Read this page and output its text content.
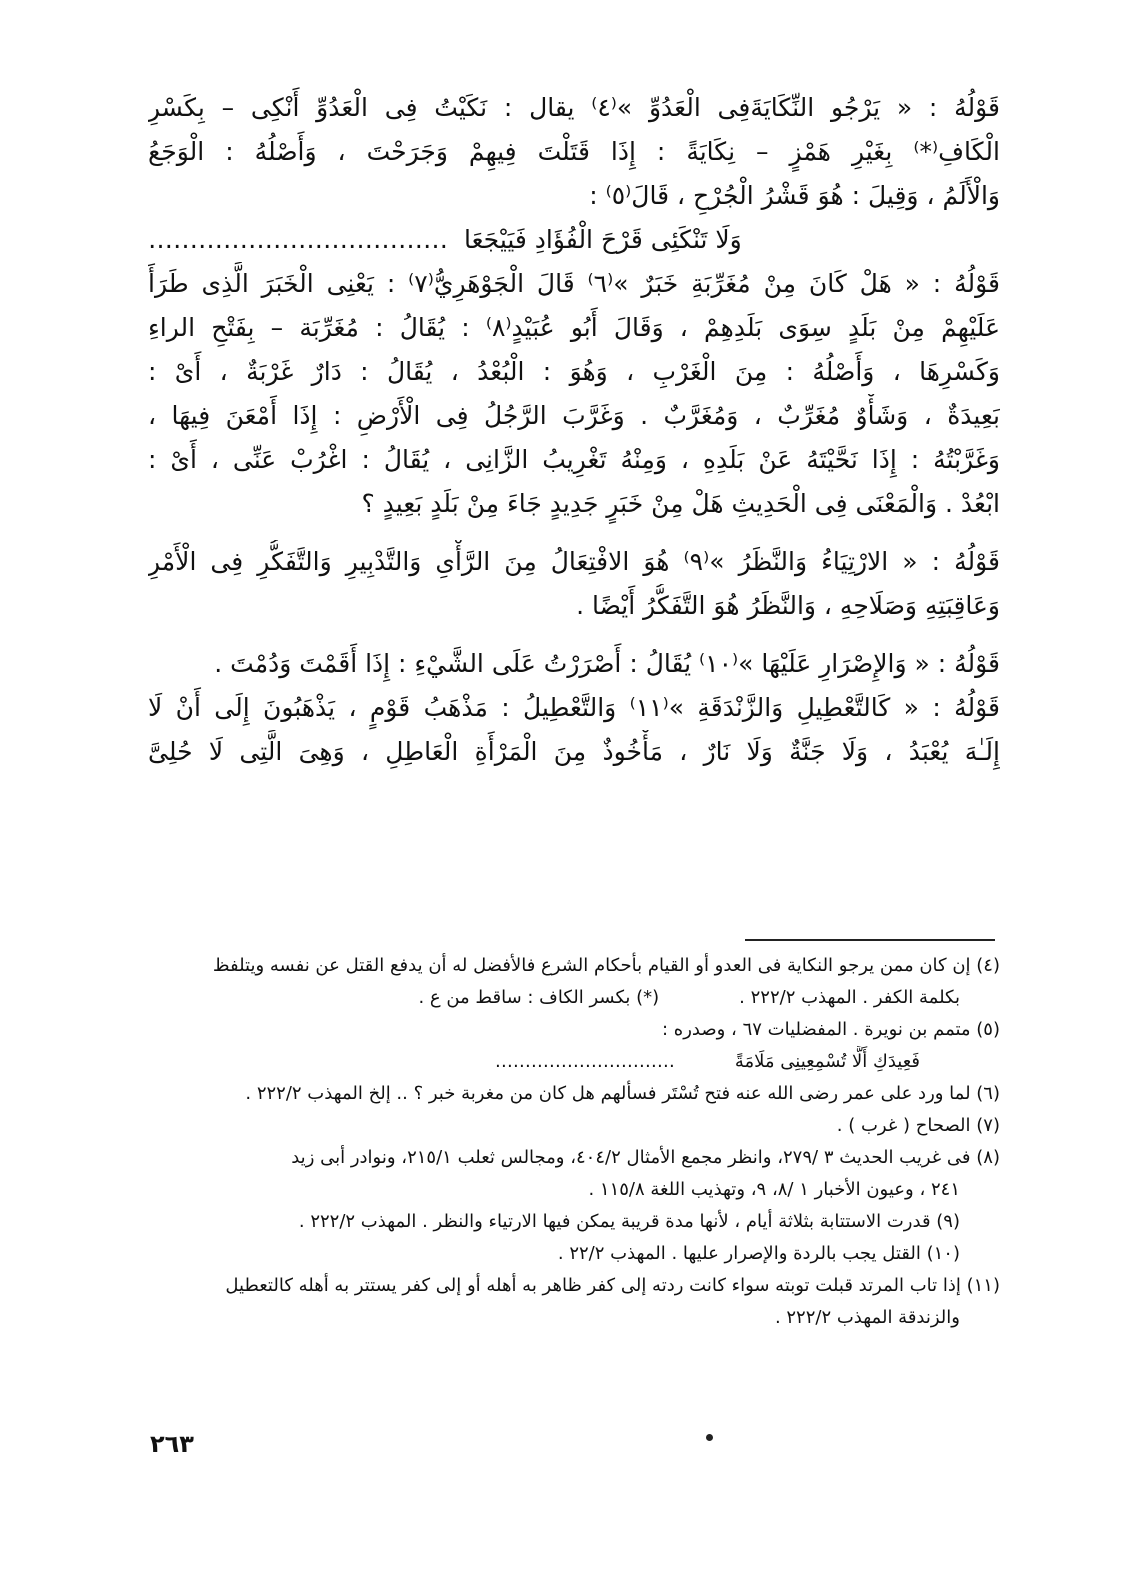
قَوْلُهُ : « يَرْجُو النِّكَايَةَفِى الْعَدُوِّ »⁽٤⁾ يقال : نَكَيْتُ فِى الْعَدُوِّ أَنْكِى – بِكَسْرِ
الْكَافِ⁽*⁾ بِغَيْرِ هَمْزٍ – نِكَايَةً : إِذَا قَتَلْتَ فِيهِمْ وَجَرَحْتَ ، وَأَصْلُهُ : الْوَجَعُ
وَالْأَلَمُ ، وَقِيلَ : هُوَ قَشْرُ الْجُرْحِ ، قَالَ⁽٥⁾ :
وَلَا تَنْكَئِى قَرْحَ الْفُؤَادِ فَيَيْجَعَا………………………………
قَوْلُهُ : « هَلْ كَانَ مِنْ مُغَرِّبَةِ خَبَرٌ »⁽٦⁾ قَالَ الْجَوْهَرِيُّ⁽٧⁾ : يَعْنِى الْخَبَرَ الَّذِى طَرَأَ
عَلَيْهِمْ مِنْ بَلَدٍ سِوَى بَلَدِهِمْ ، وَقَالَ أَبُو عُبَيْدٍ⁽٨⁾ : يُقَالُ : مُغَرِّبَة – بِفَتْحِ الراءِ
وَكَسْرِهَا ، وَأَصْلُهُ : مِنَ الْغَرْبِ ، وَهُوَ : الْبُعْدُ ، يُقَالُ : دَارٌ غَرْبَةٌ ، أَىْ :
بَعِيدَةٌ ، وَشَأْوٌ مُغَرِّبٌ ، وَمُغَرَّبٌ . وَغَرَّبَ الرَّجُلُ فِى الْأَرْضِ : إِذَا أَمْعَنَ فِيهَا ،
وَغَرَّبْتُهُ : إِذَا نَحَّيْتَهُ عَنْ بَلَدِهِ ، وَمِنْهُ تَغْرِيبُ الزَّانِى ، يُقَالُ : اغْرُبْ عَنِّى ، أَىْ :
ابْعُدْ . وَالْمَعْنَى فِى الْحَدِيثِ هَلْ مِنْ خَبَرٍ جَدِيدٍ جَاءَ مِنْ بَلَدٍ بَعِيدٍ ؟
قَوْلُهُ : « الارْتِيَاءُ وَالنَّظَرُ »⁽٩⁾ هُوَ الافْتِعَالُ مِنَ الرَّأْىِ وَالتَّدْبِيرِ وَالتَّفَكُّرِ فِى الْأَمْرِ
وَعَاقِبَتِهِ وَصَلَاحِهِ ، وَالنَّظَرُ هُوَ التَّفَكُّرُ أَيْضًا .
قَوْلُهُ : « وَالإِصْرَارِ عَلَيْهَا »⁽١٠⁾ يُقَالُ : أَصْرَرْتُ عَلَى الشَّيْءِ : إِذَا أَقَمْتَ وَدُمْتَ .
قَوْلُهُ : « كَالتَّعْطِيلِ وَالزَّنْدَقَةِ »⁽١١⁾ وَالتَّعْطِيلُ : مَذْهَبُ قَوْمٍ ، يَذْهَبُونَ إِلَى أَنْ لَا
إِلَـٰهَ يُعْبَدُ ، وَلَا جَنَّةٌ وَلَا نَارٌ ، مَأْخُوذٌ مِنَ الْمَرْأَةِ الْعَاطِلِ ، وَهِىَ الَّتِى لَا حُلِىَّ
(٤) إن كان ممن يرجو النكاية فى العدو أو القيام بأحكام الشرع فالأفضل له أن يدفع القتل عن نفسه ويتلفظ
بكلمة الكفر . المهذب ٢٢٢/٢ .(*) بكسر الكاف : ساقط من ع .
(٥) متمم بن نويرة . المفضليات ٦٧ ، وصدره :
فَعِيدَكِ أَلَّا تُسْمِعِينِى مَلَامَةً…………………………
(٦) لما ورد على عمر رضى الله عنه فتح تُسْتَر فسألهم هل كان من مغربة خبر ؟ .. إلخ المهذب ٢٢٢/٢ .
(٧) الصحاح ( غرب ) .
(٨) فى غريب الحديث ٣ /٢٧٩، وانظر مجمع الأمثال ٤٠٤/٢، ومجالس ثعلب ٢١٥/١، ونوادر أبى زيد
٢٤١ ، وعيون الأخبار ١ /٨، ٩، وتهذيب اللغة ١١٥/٨ .
(٩) قدرت الاستتابة بثلاثة أيام ، لأنها مدة قريبة يمكن فيها الارتياء والنظر . المهذب ٢٢٢/٢ .
(١٠) القتل يجب بالردة والإصرار عليها . المهذب ٢٢/٢ .
(١١) إذا تاب المرتد قبلت توبته سواء كانت ردته إلى كفر ظاهر به أهله أو إلى كفر يستتر به أهله كالتعطيل
والزندقة المهذب ٢٢٢/٢ .
٢٦٣
